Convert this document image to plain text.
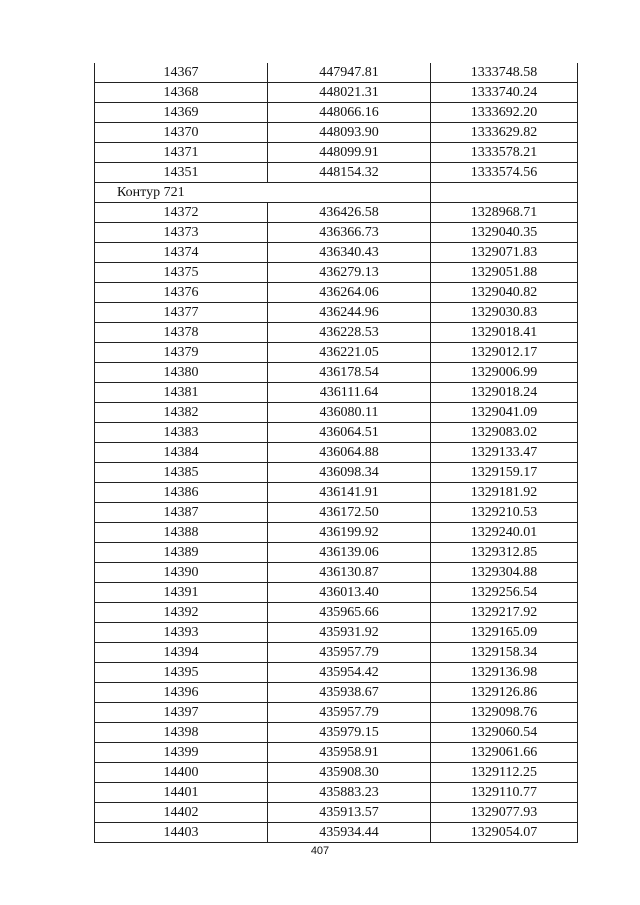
14367	447947.81	1333748.58
14368	448021.31	1333740.24
14369	448066.16	1333692.20
14370	448093.90	1333629.82
14371	448099.91	1333578.21
14351	448154.32	1333574.56
Контур 721		
14372	436426.58	1328968.71
14373	436366.73	1329040.35
14374	436340.43	1329071.83
14375	436279.13	1329051.88
14376	436264.06	1329040.82
14377	436244.96	1329030.83
14378	436228.53	1329018.41
14379	436221.05	1329012.17
14380	436178.54	1329006.99
14381	436111.64	1329018.24
14382	436080.11	1329041.09
14383	436064.51	1329083.02
14384	436064.88	1329133.47
14385	436098.34	1329159.17
14386	436141.91	1329181.92
14387	436172.50	1329210.53
14388	436199.92	1329240.01
14389	436139.06	1329312.85
14390	436130.87	1329304.88
14391	436013.40	1329256.54
14392	435965.66	1329217.92
14393	435931.92	1329165.09
14394	435957.79	1329158.34
14395	435954.42	1329136.98
14396	435938.67	1329126.86
14397	435957.79	1329098.76
14398	435979.15	1329060.54
14399	435958.91	1329061.66
14400	435908.30	1329112.25
14401	435883.23	1329110.77
14402	435913.57	1329077.93
14403	435934.44	1329054.07
407
